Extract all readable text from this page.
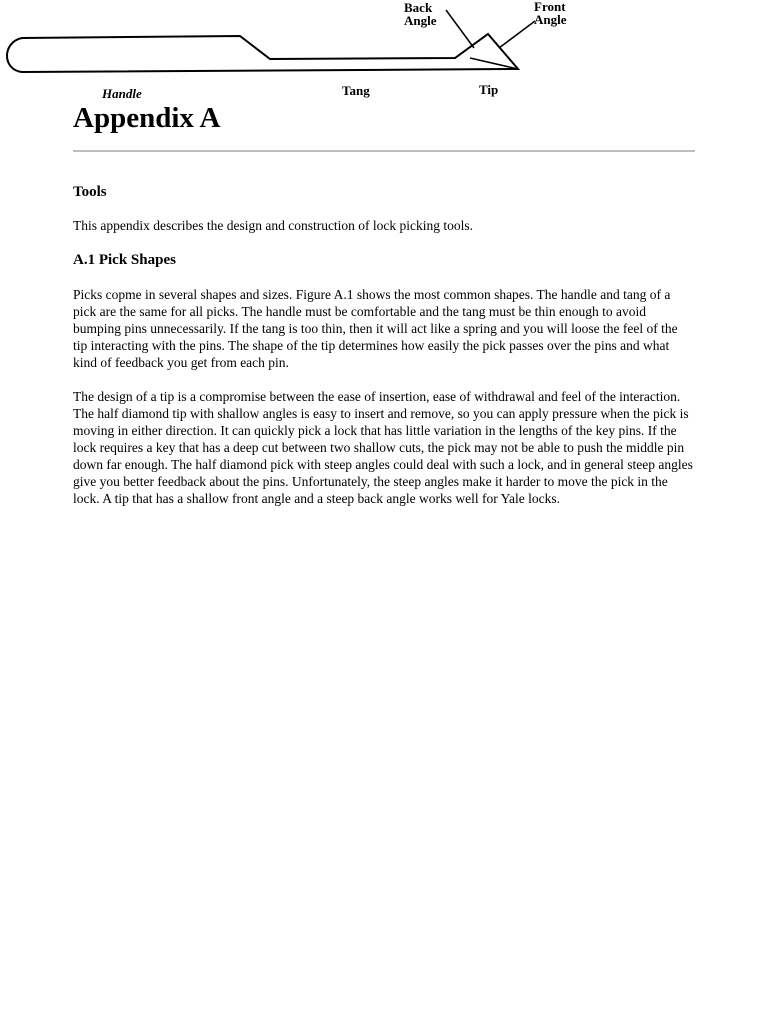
Back
Angle
Front
Angle
Handle	Tang	Tip
Appendix A
Tools

This appendix describes the design and construction of lock picking tools.

A.1 Pick Shapes

Picks copme in several shapes and sizes. Figure A.1 shows the most common shapes. The handle and tang of a pick are the same for all picks. The handle must be comfortable and the tang must be thin enough to avoid bumping pins unnecessarily. If the tang is too thin, then it will act like a spring and you will loose the feel of the tip interacting with the pins. The shape of the tip determines how easily the pick passes over the pins and what kind of feedback you get from each pin.

The design of a tip is a compromise between the ease of insertion, ease of withdrawal and feel of the interaction. The half diamond tip with shallow angles is easy to insert and remove, so you can apply pressure when the pick is moving in either direction. It can quickly pick a lock that has little variation in the lengths of the key pins. If the lock requires a key that has a deep cut between two shallow cuts, the pick may not be able to push the middle pin down far enough. The half diamond pick with steep angles could deal with such a lock, and in general steep angles give you better feedback about the pins. Unfortunately, the steep angles make it harder to move the pick in the lock. A tip that has a shallow front angle and a steep back angle works well for Yale locks.
